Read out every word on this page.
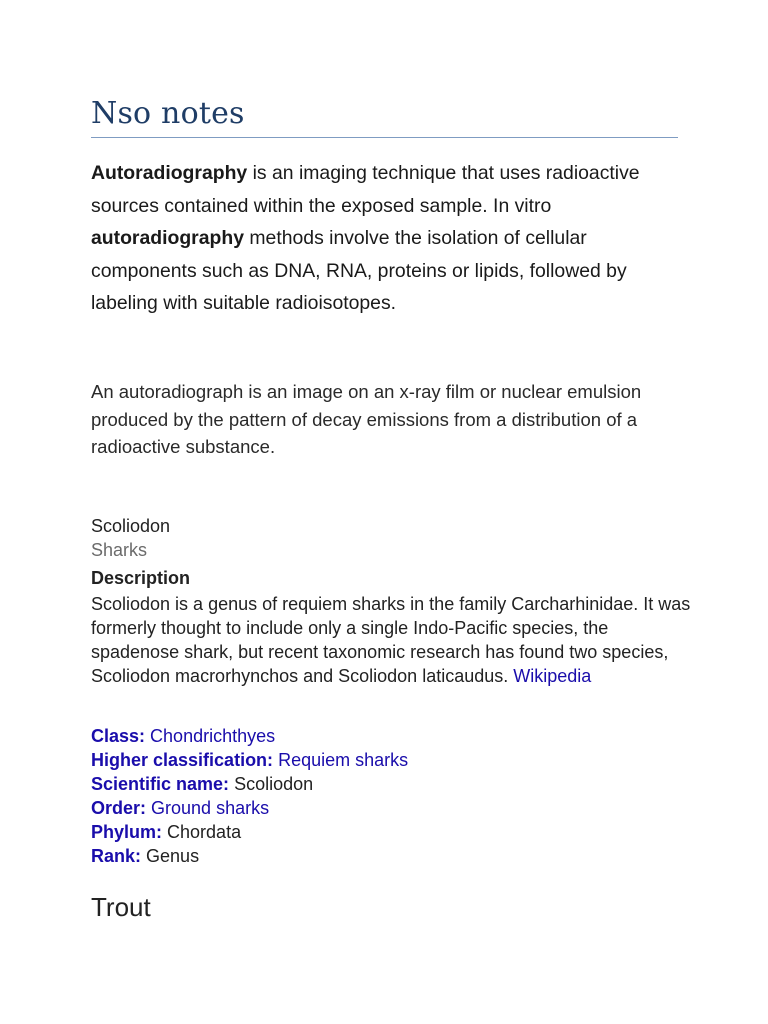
Nso notes

Autoradiography is an imaging technique that uses radioactive sources contained within the exposed sample. In vitro autoradiography methods involve the isolation of cellular components such as DNA, RNA, proteins or lipids, followed by labeling with suitable radioisotopes.

An autoradiograph is an image on an x-ray film or nuclear emulsion produced by the pattern of decay emissions from a distribution of a radioactive substance.

Scoliodon

Sharks

Description

Scoliodon is a genus of requiem sharks in the family Carcharhinidae. It was formerly thought to include only a single Indo-Pacific species, the spadenose shark, but recent taxonomic research has found two species, Scoliodon macrorhynchos and Scoliodon laticaudus. Wikipedia

Class: Chondrichthyes
Higher classification: Requiem sharks
Scientific name: Scoliodon
Order: Ground sharks
Phylum: Chordata
Rank: Genus
Trout
